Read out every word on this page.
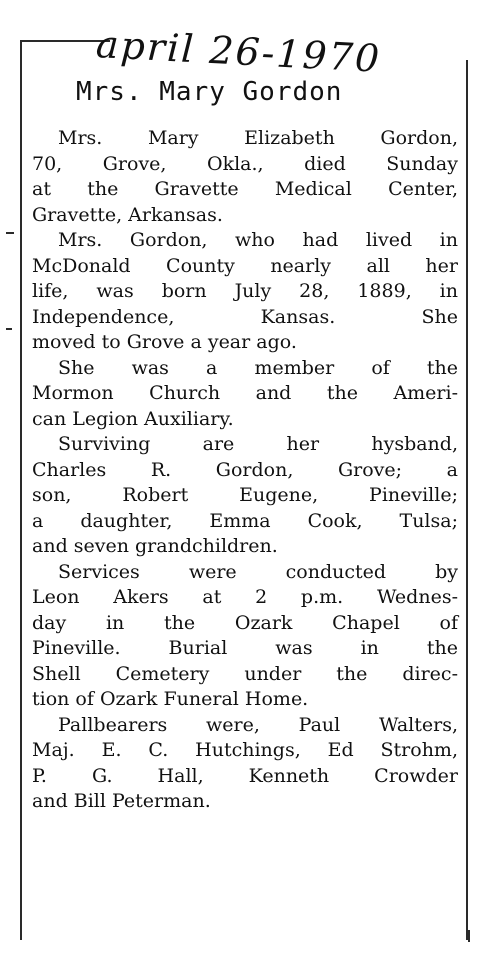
april 26-1970
Mrs. Mary Gordon
Mrs. Mary Elizabeth Gordon,
70, Grove, Okla., died Sunday
at the Gravette Medical Center,
Gravette, Arkansas.
Mrs. Gordon, who had lived in
McDonald County nearly all her
life, was born July 28, 1889, in
Independence, Kansas. She
moved to Grove a year ago.
She was a member of the
Mormon Church and the Ameri-
can Legion Auxiliary.
Surviving are her hysband,
Charles R. Gordon, Grove; a
son, Robert Eugene, Pineville;
a daughter, Emma Cook, Tulsa;
and seven grandchildren.
Services were conducted by
Leon Akers at 2 p.m. Wednes-
day in the Ozark Chapel of
Pineville. Burial was in the
Shell Cemetery under the direc-
tion of Ozark Funeral Home.
Pallbearers were, Paul Walters,
Maj. E. C. Hutchings, Ed Strohm,
P. G. Hall, Kenneth Crowder
and Bill Peterman.
